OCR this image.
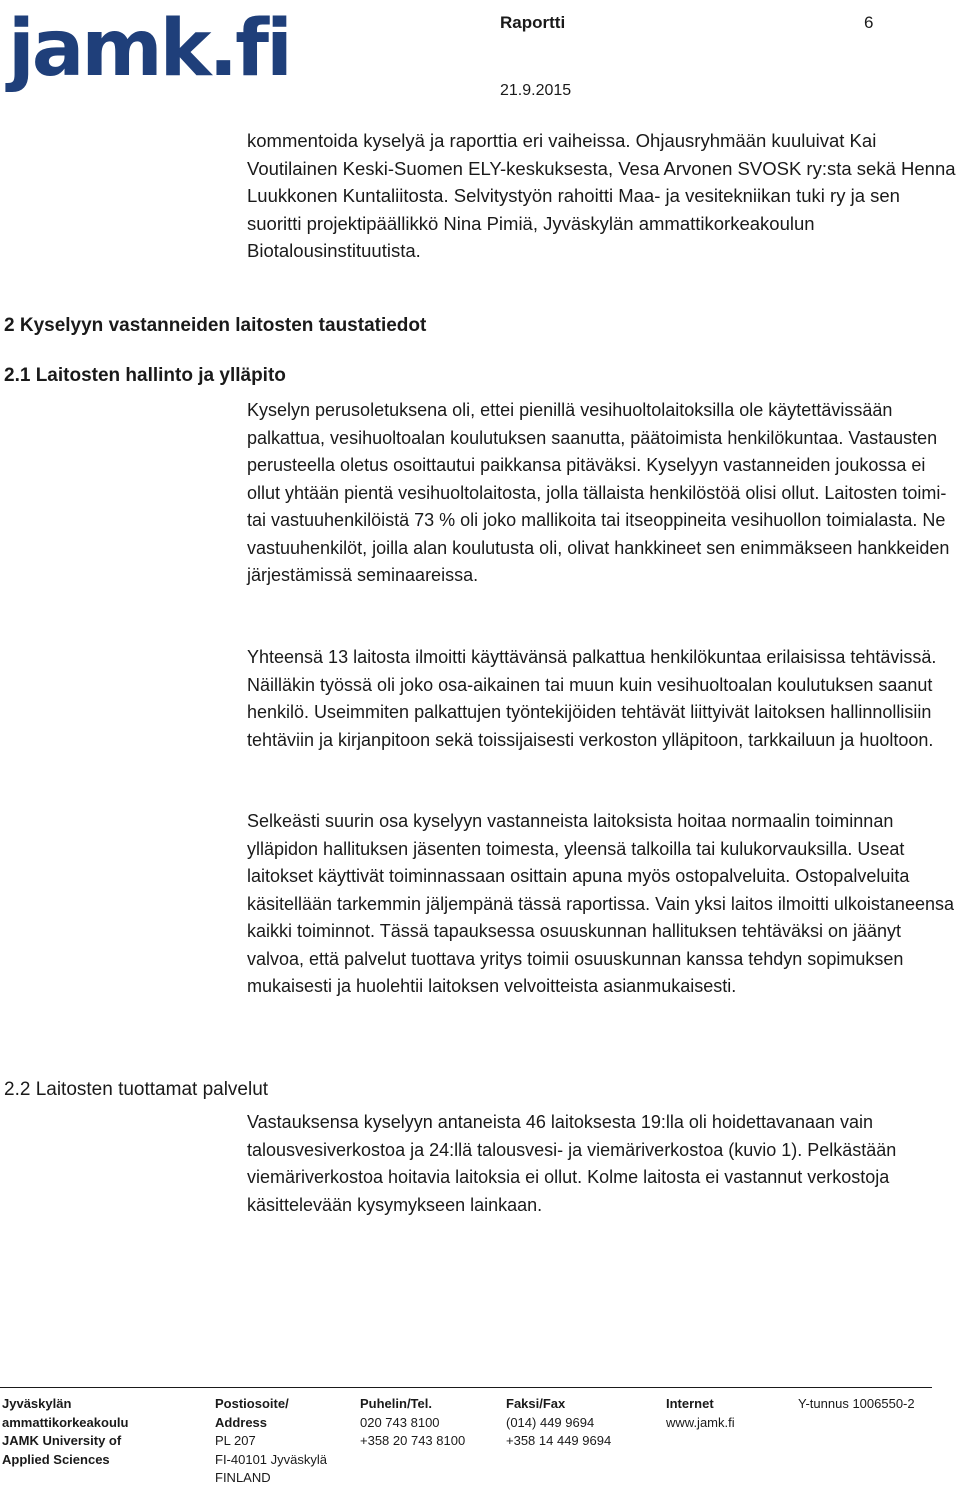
jamk.fi	Raportti	6
21.9.2015

kommentoida kyselyä ja raporttia eri vaiheissa. Ohjausryhmään kuuluivat Kai Voutilainen Keski-Suomen ELY-keskuksesta, Vesa Arvonen SVOSK ry:sta sekä Henna Luukkonen Kuntaliitosta. Selvitystyön rahoitti Maa- ja vesitekniikan tuki ry ja sen suoritti projektipäällikkö Nina Pimiä, Jyväskylän ammattikorkeakoulun Biotalousinstituutista.

2 Kyselyyn vastanneiden laitosten taustatiedot
2.1 Laitosten hallinto ja ylläpito

Kyselyn perusoletuksena oli, ettei pienillä vesihuoltolaitoksilla ole käytettävissään palkattua, vesihuoltoalan koulutuksen saanutta, päätoimista henkilökuntaa. Vastausten perusteella oletus osoittautui paikkansa pitäväksi. Kyselyyn vastanneiden joukossa ei ollut yhtään pientä vesihuoltolaitosta, jolla tällaista henkilöstöä olisi ollut. Laitosten toimi- tai vastuuhenkilöistä 73 % oli joko mallikoita tai itseoppineita vesihuollon toimialasta. Ne vastuuhenkilöt, joilla alan koulutusta oli, olivat hankkineet sen enimmäkseen hankkeiden järjestämissä seminaareissa.

Yhteensä 13 laitosta ilmoitti käyttävänsä palkattua henkilökuntaa erilaisissa tehtävissä. Näilläkin työssä oli joko osa-aikainen tai muun kuin vesihuoltoalan koulutuksen saanut henkilö. Useimmiten palkattujen työntekijöiden tehtävät liittyivät laitoksen hallinnollisiin tehtäviin ja kirjanpitoon sekä toissijaisesti verkoston ylläpitoon, tarkkailuun ja huoltoon.

Selkeästi suurin osa kyselyyn vastanneista laitoksista hoitaa normaalin toiminnan ylläpidon hallituksen jäsenten toimesta, yleensä talkoilla tai kulukorvauksilla. Useat laitokset käyttivät toiminnassaan osittain apuna myös ostopalveluita. Ostopalveluita käsitellään tarkemmin jäljempänä tässä raportissa. Vain yksi laitos ilmoitti ulkoistaneensa kaikki toiminnot. Tässä tapauksessa osuuskunnan hallituksen tehtäväksi on jäänyt valvoa, että palvelut tuottava yritys toimii osuuskunnan kanssa tehdyn sopimuksen mukaisesti ja huolehtii laitoksen velvoitteista asianmukaisesti.

2.2 Laitosten tuottamat palvelut

Vastauksensa kyselyyn antaneista 46 laitoksesta 19:lla oli hoidettavanaan vain talousvesiverkostoa ja 24:llä talousvesi- ja viemäriverkostoa (kuvio 1). Pelkästään viemäriverkostoa hoitavia laitoksia ei ollut. Kolme laitosta ei vastannut verkostoja käsittelevään kysymykseen lainkaan.

Jyväskylän
ammattikorkeakoulu
JAMK University of
Applied Sciences
Postiosoite/
Address
PL 207
FI-40101 Jyväskylä
FINLAND
Puhelin/Tel.
020 743 8100
+358 20 743 8100
Faksi/Fax
(014) 449 9694
+358 14 449 9694
Internet
www.jamk.fi
Y-tunnus 1006550-2
